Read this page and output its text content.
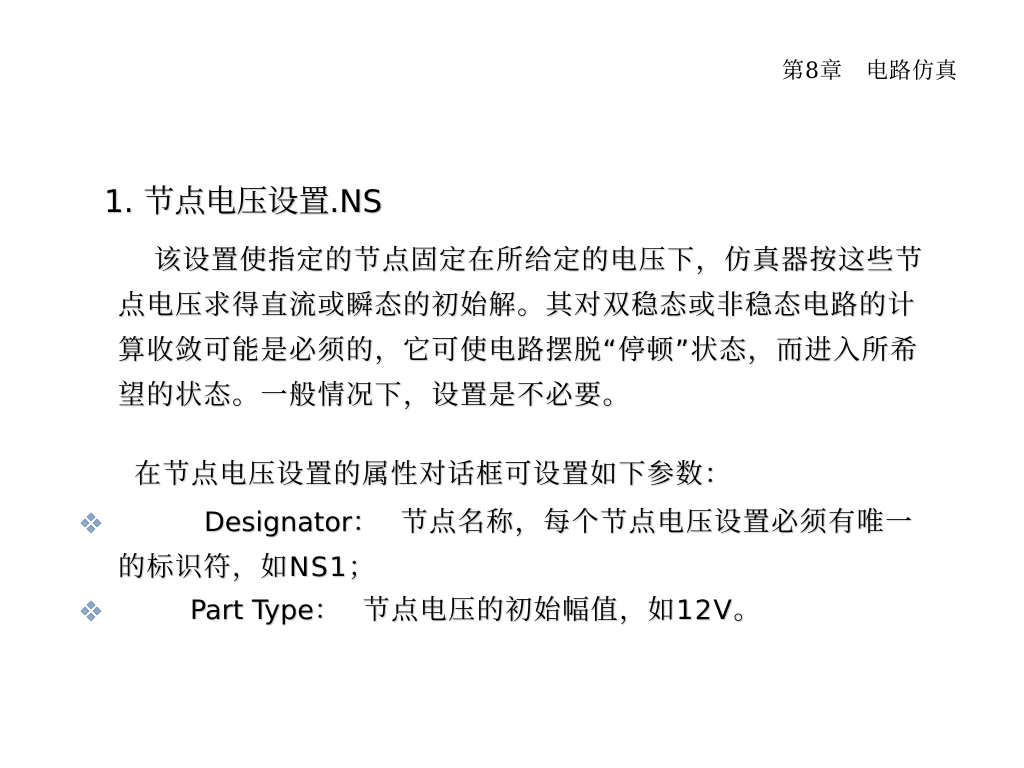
第8章　电路仿真
1. 节点电压设置.NS

该设置使指定的节点固定在所给定的电压下，仿真器按这些节点电压求得直流或瞬态的初始解。其对双稳态或非稳态电路的计算收敛可能是必须的，它可使电路摆脱“停顿”状态，而进入所希望的状态。一般情况下，设置是不必要。

在节点电压设置的属性对话框可设置如下参数：
Designator： 节点名称，每个节点电压设置必须有唯一的标识符，如NS1；
Part Type： 节点电压的初始幅值，如12V。
